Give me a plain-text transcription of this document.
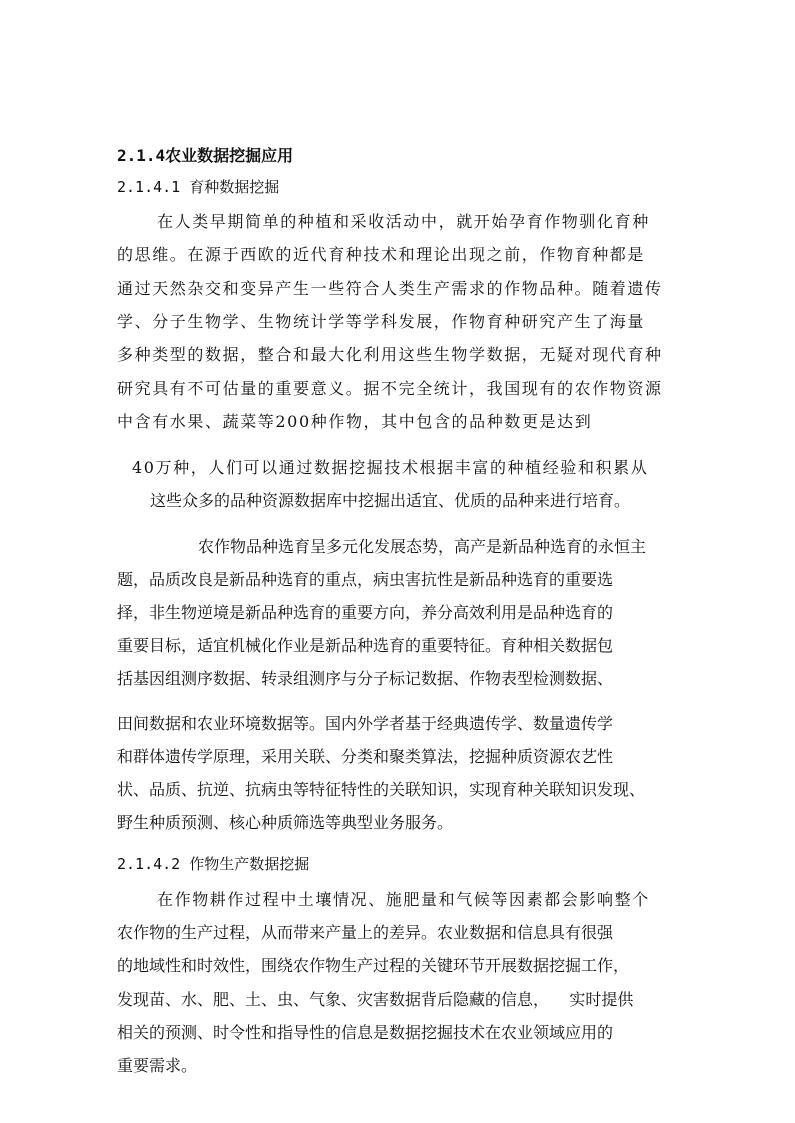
2.1.4农业数据挖掘应用
2.1.4.1 育种数据挖掘
在人类早期简单的种植和采收活动中，就开始孕育作物驯化育种
的思维。在源于西欧的近代育种技术和理论出现之前，作物育种都是
通过天然杂交和变异产生一些符合人类生产需求的作物品种。随着遗传
学、分子生物学、生物统计学等学科发展，作物育种研究产生了海量
多种类型的数据，整合和最大化利用这些生物学数据，无疑对现代育种
研究具有不可估量的重要意义。据不完全统计，我国现有的农作物资源
中含有水果、蔬菜等200种作物，其中包含的品种数更是达到
40万种，人们可以通过数据挖掘技术根据丰富的种植经验和积累从
这些众多的品种资源数据库中挖掘出适宜、优质的品种来进行培育。
农作物品种选育呈多元化发展态势，高产是新品种选育的永恒主
题，品质改良是新品种选育的重点，病虫害抗性是新品种选育的重要选
择，非生物逆境是新品种选育的重要方向，养分高效利用是品种选育的
重要目标，适宜机械化作业是新品种选育的重要特征。育种相关数据包
括基因组测序数据、转录组测序与分子标记数据、作物表型检测数据、
田间数据和农业环境数据等。国内外学者基于经典遗传学、数量遗传学
和群体遗传学原理，采用关联、分类和聚类算法，挖掘种质资源农艺性
状、品质、抗逆、抗病虫等特征特性的关联知识，实现育种关联知识发现、
野生种质预测、核心种质筛选等典型业务服务。
2.1.4.2 作物生产数据挖掘
在作物耕作过程中土壤情况、施肥量和气候等因素都会影响整个
农作物的生产过程，从而带来产量上的差异。农业数据和信息具有很强
的地域性和时效性，围绕农作物生产过程的关键环节开展数据挖掘工作，
发现苗、水、肥、土、虫、气象、灾害数据背后隐藏的信息，    实时提供
相关的预测、时令性和指导性的信息是数据挖掘技术在农业领域应用的
重要需求。
